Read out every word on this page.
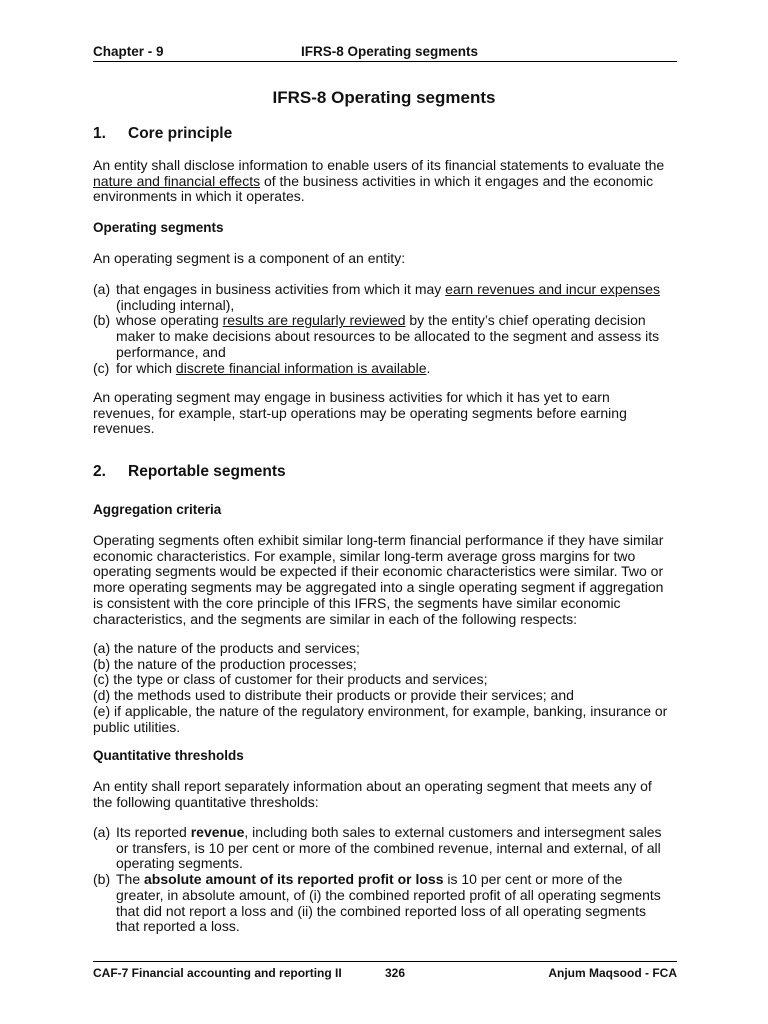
Chapter - 9	IFRS-8 Operating segments
IFRS-8 Operating segments
1. Core principle
An entity shall disclose information to enable users of its financial statements to evaluate the
nature and financial effects of the business activities in which it engages and the economic
environments in which it operates.
Operating segments
An operating segment is a component of an entity:
(a) that engages in business activities from which it may earn revenues and incur expenses
(including internal),
(b) whose operating results are regularly reviewed by the entity’s chief operating decision
maker to make decisions about resources to be allocated to the segment and assess its
performance, and
(c) for which discrete financial information is available.
An operating segment may engage in business activities for which it has yet to earn
revenues, for example, start-up operations may be operating segments before earning
revenues.
2. Reportable segments
Aggregation criteria
Operating segments often exhibit similar long-term financial performance if they have similar
economic characteristics. For example, similar long-term average gross margins for two
operating segments would be expected if their economic characteristics were similar. Two or
more operating segments may be aggregated into a single operating segment if aggregation
is consistent with the core principle of this IFRS, the segments have similar economic
characteristics, and the segments are similar in each of the following respects:
(a) the nature of the products and services;
(b) the nature of the production processes;
(c) the type or class of customer for their products and services;
(d) the methods used to distribute their products or provide their services; and
(e) if applicable, the nature of the regulatory environment, for example, banking, insurance or
public utilities.
Quantitative thresholds
An entity shall report separately information about an operating segment that meets any of
the following quantitative thresholds:
(a) Its reported revenue, including both sales to external customers and intersegment sales
or transfers, is 10 per cent or more of the combined revenue, internal and external, of all
operating segments.
(b) The absolute amount of its reported profit or loss is 10 per cent or more of the
greater, in absolute amount, of (i) the combined reported profit of all operating segments
that did not report a loss and (ii) the combined reported loss of all operating segments
that reported a loss.
CAF-7 Financial accounting and reporting II	326	Anjum Maqsood - FCA
